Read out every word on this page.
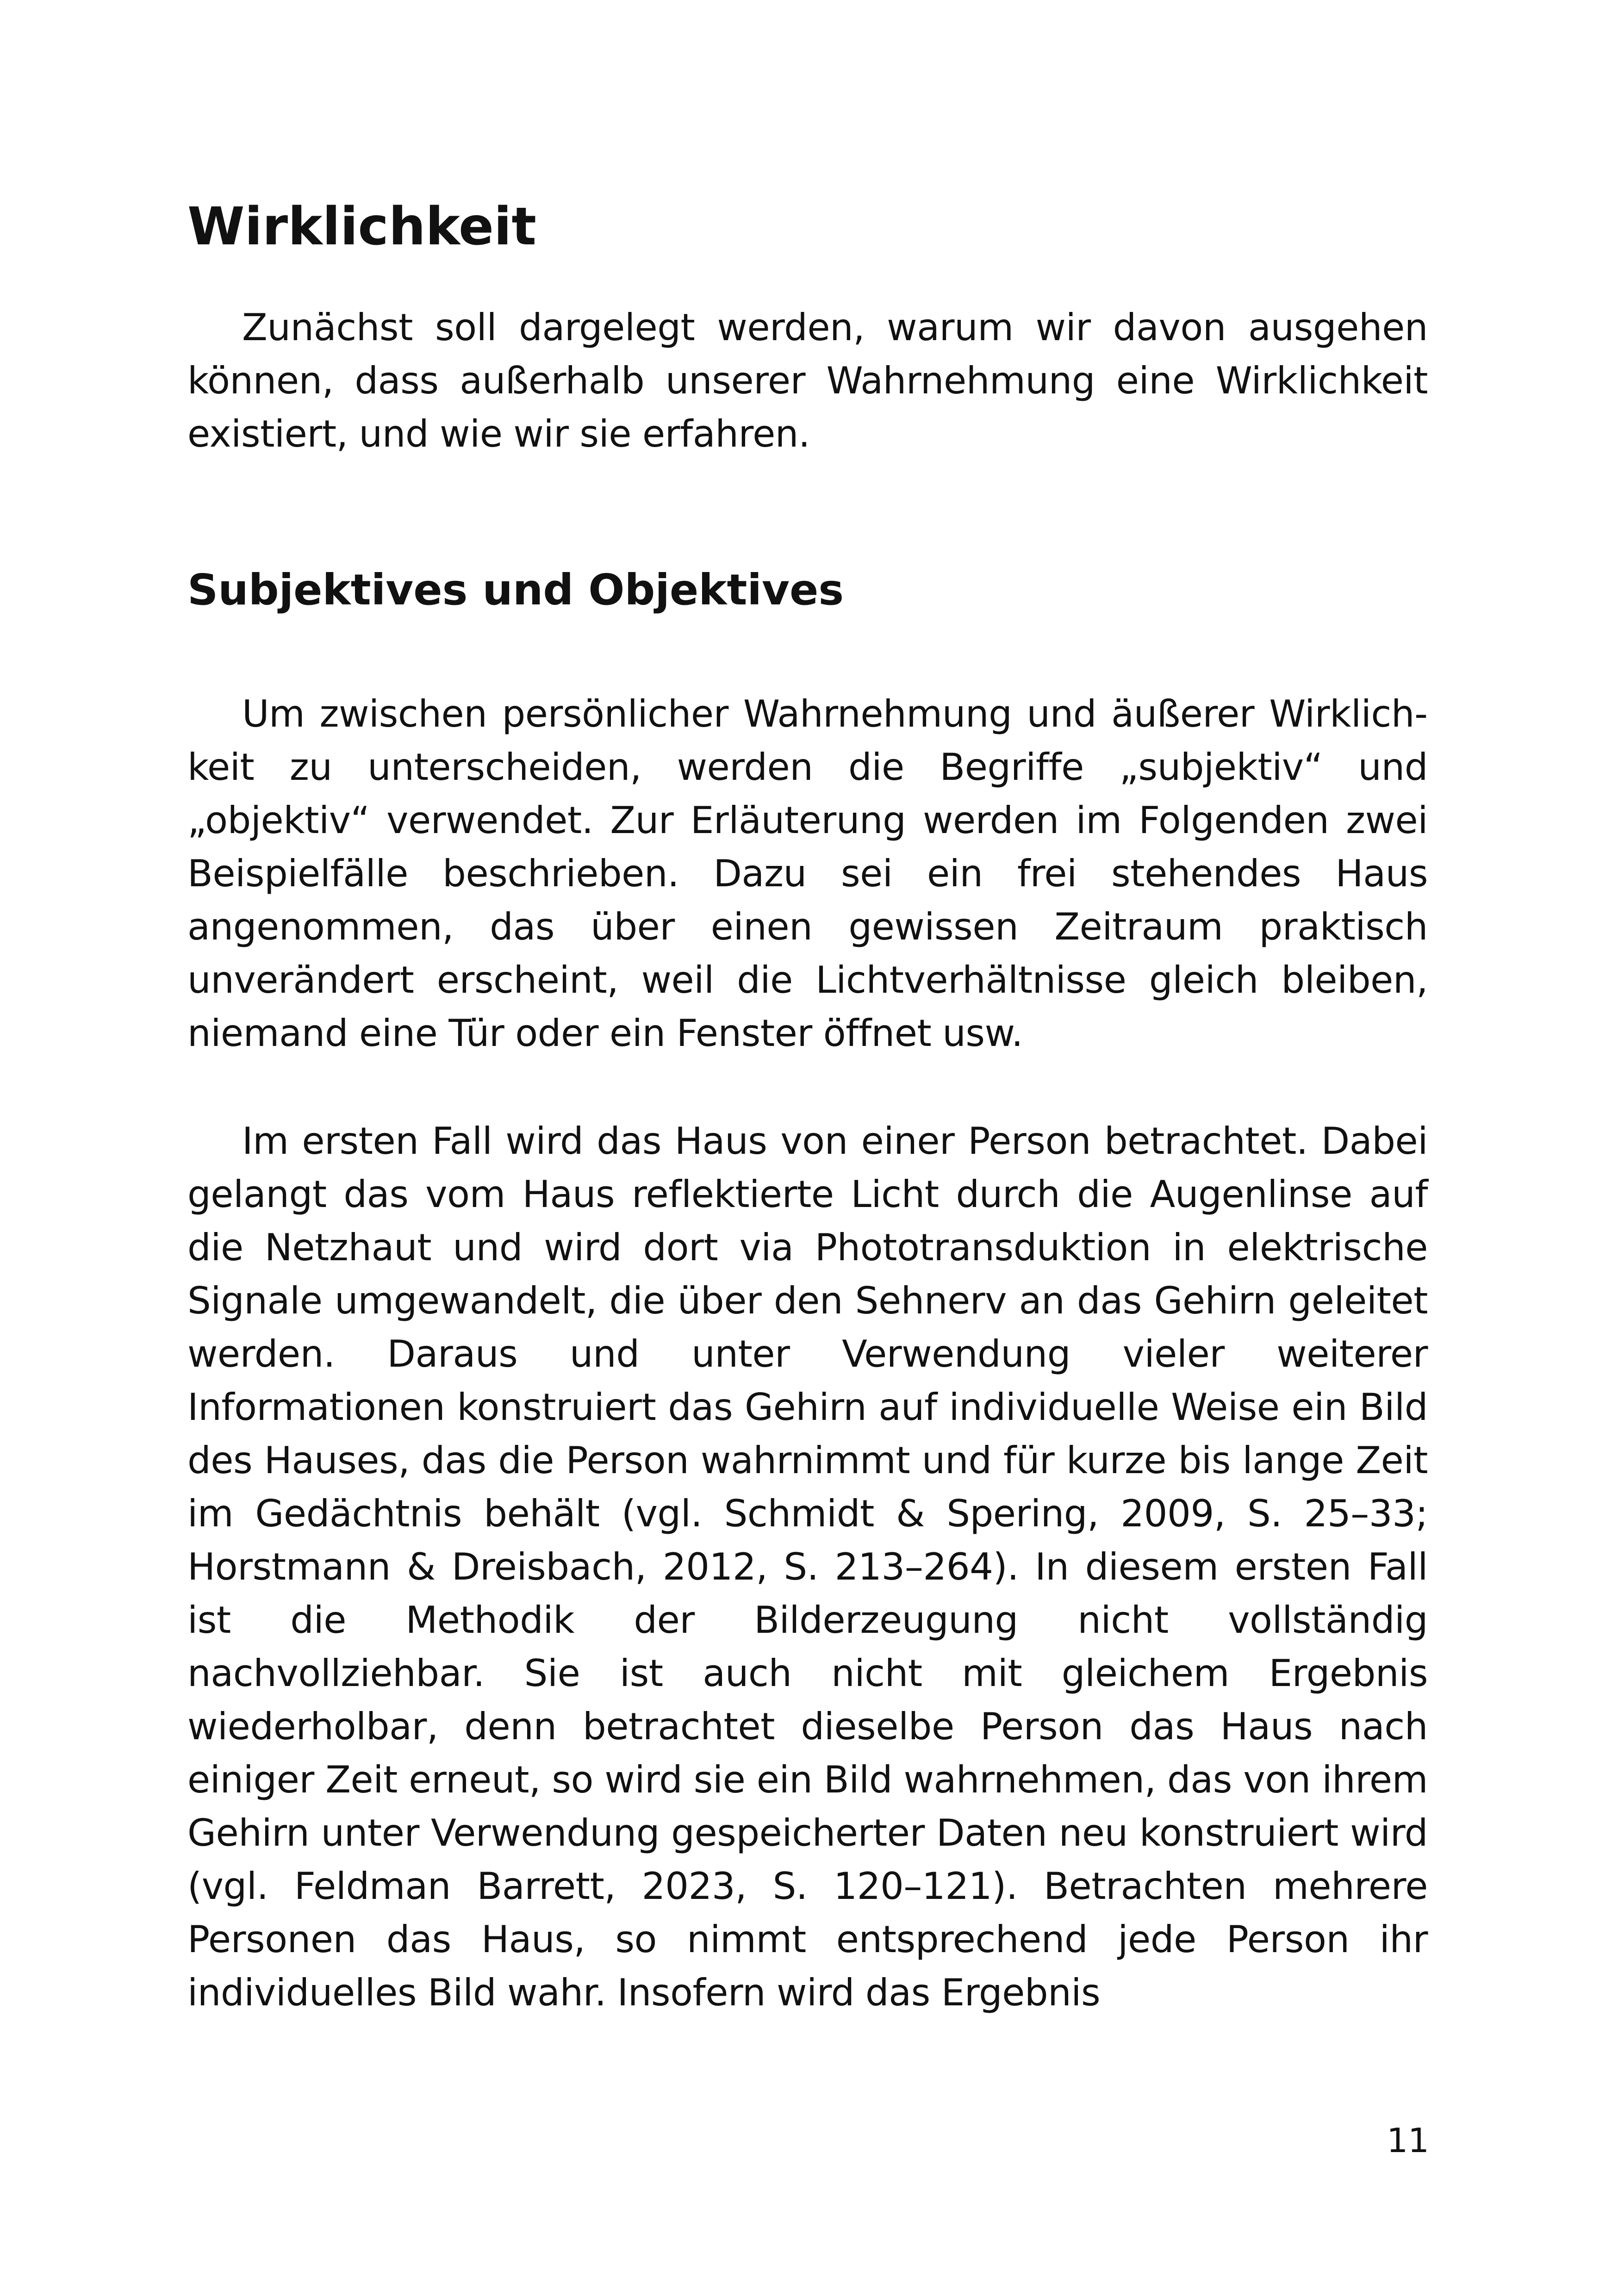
Wirklichkeit

Zunächst soll dargelegt werden, warum wir davon ausgehen können, dass außerhalb unserer Wahrnehmung eine Wirklichkeit existiert, und wie wir sie erfahren.

Subjektives und Objektives

Um zwischen persönlicher Wahrnehmung und äußerer Wirklichkeit zu unterscheiden, werden die Begriffe „subjektiv“ und „objektiv“ verwendet. Zur Erläuterung werden im Folgenden zwei Beispielfälle beschrieben. Dazu sei ein frei stehendes Haus angenommen, das über einen gewissen Zeitraum praktisch unverändert erscheint, weil die Lichtverhältnisse gleich bleiben, niemand eine Tür oder ein Fenster öffnet usw.

Im ersten Fall wird das Haus von einer Person betrachtet. Dabei gelangt das vom Haus reflektierte Licht durch die Augenlinse auf die Netzhaut und wird dort via Phototransduktion in elektrische Signale umgewandelt, die über den Sehnerv an das Gehirn geleitet werden. Daraus und unter Verwendung vieler weiterer Informationen konstruiert das Gehirn auf individuelle Weise ein Bild des Hauses, das die Person wahrnimmt und für kurze bis lange Zeit im Gedächtnis behält (vgl. Schmidt & Spering, 2009, S. 25–33; Horstmann & Dreisbach, 2012, S. 213–264). In diesem ersten Fall ist die Methodik der Bilderzeugung nicht vollständig nachvollziehbar. Sie ist auch nicht mit gleichem Ergebnis wiederholbar, denn betrachtet dieselbe Person das Haus nach einiger Zeit erneut, so wird sie ein Bild wahrnehmen, das von ihrem Gehirn unter Verwendung gespeicherter Daten neu konstruiert wird (vgl. Feldman Barrett, 2023, S. 120–121). Betrachten mehrere Personen das Haus, so nimmt entsprechend jede Person ihr individuelles Bild wahr. Insofern wird das Ergebnis

11
